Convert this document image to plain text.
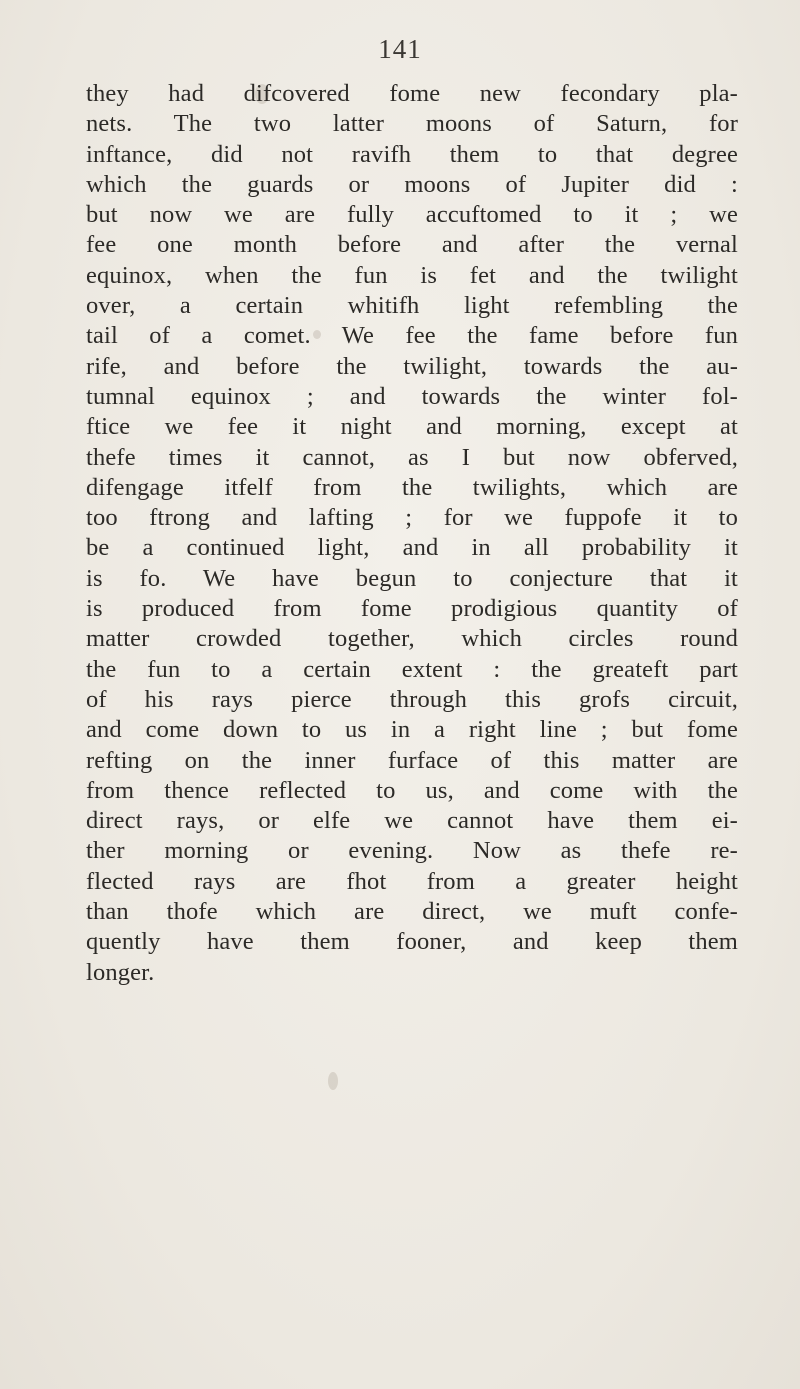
141
they had difcovered fome new fecondary pla-
nets. The two latter moons of Saturn, for
inftance, did not ravifh them to that degree
which the guards or moons of Jupiter did :
but now we are fully accuftomed to it ; we
fee one month before and after the vernal
equinox, when the fun is fet and the twilight
over, a certain whitifh light refembling the
tail of a comet. We fee the fame before fun
rife, and before the twilight, towards the au-
tumnal equinox ; and towards the winter fol-
ftice we fee it night and morning, except at
thefe times it cannot, as I but now obferved,
difengage itfelf from the twilights, which are
too ftrong and lafting ; for we fuppofe it to
be a continued light, and in all probability it
is fo. We have begun to conjecture that it
is produced from fome prodigious quantity of
matter crowded together, which circles round
the fun to a certain extent : the greateft part
of his rays pierce through this grofs circuit,
and come down to us in a right line ; but fome
refting on the inner furface of this matter are
from thence reflected to us, and come with the
direct rays, or elfe we cannot have them ei-
ther morning or evening. Now as thefe re-
flected rays are fhot from a greater height
than thofe which are direct, we muft confe-
quently have them fooner, and keep them
longer.
